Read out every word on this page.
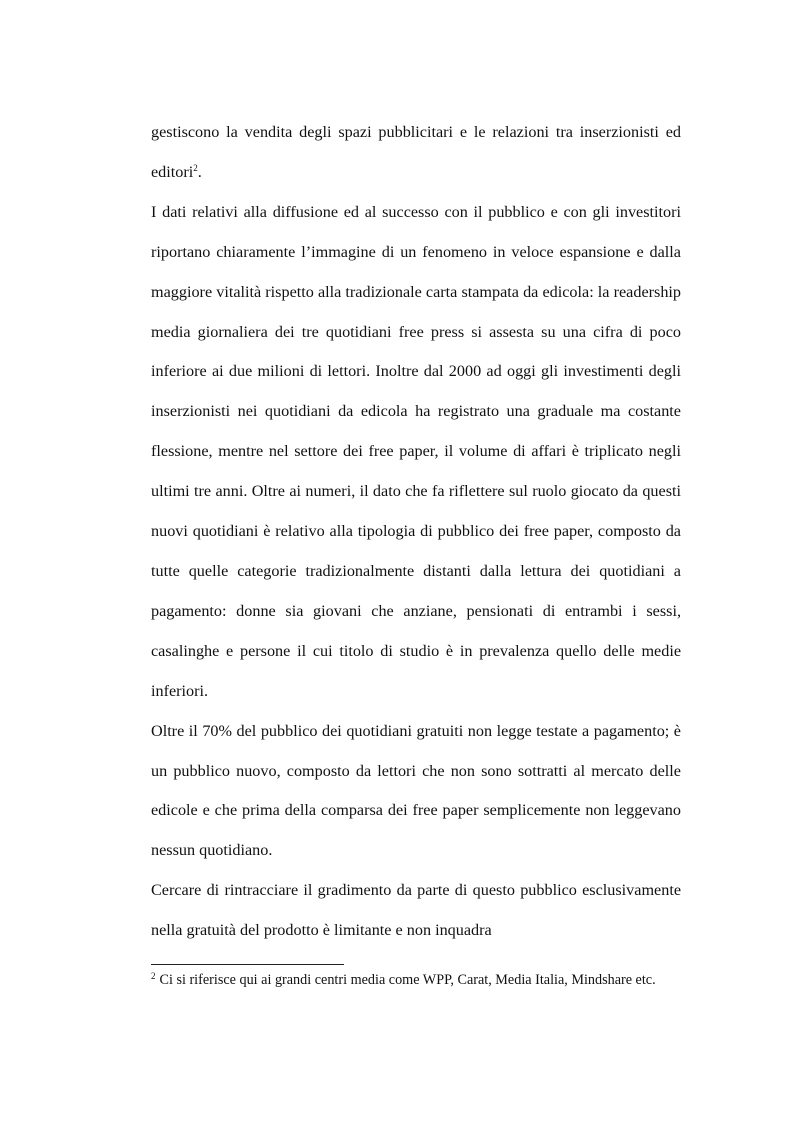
gestiscono la vendita degli spazi pubblicitari e le relazioni tra inserzionisti ed editori$^2$.

I dati relativi alla diffusione ed al successo con il pubblico e con gli investitori riportano chiaramente l’immagine di un fenomeno in veloce espansione e dalla maggiore vitalità rispetto alla tradizionale carta stampata da edicola: la readership media giornaliera dei tre quotidiani free press si assesta su una cifra di poco inferiore ai due milioni di lettori. Inoltre dal 2000 ad oggi gli investimenti degli inserzionisti nei quotidiani da edicola ha registrato una graduale ma costante flessione, mentre nel settore dei free paper, il volume di affari è triplicato negli ultimi tre anni. Oltre ai numeri, il dato che fa riflettere sul ruolo giocato da questi nuovi quotidiani è relativo alla tipologia di pubblico dei free paper, composto da tutte quelle categorie tradizionalmente distanti dalla lettura dei quotidiani a pagamento: donne sia giovani che anziane, pensionati di entrambi i sessi, casalinghe e persone il cui titolo di studio è in prevalenza quello delle medie inferiori.

Oltre il 70% del pubblico dei quotidiani gratuiti non legge testate a pagamento; è un pubblico nuovo, composto da lettori che non sono sottratti al mercato delle edicole e che prima della comparsa dei free paper semplicemente non leggevano nessun quotidiano.

Cercare di rintracciare il gradimento da parte di questo pubblico esclusivamente nella gratuità del prodotto è limitante e non inquadra

$^2$ Ci si riferisce qui ai grandi centri media come WPP, Carat, Media Italia, Mindshare etc.
